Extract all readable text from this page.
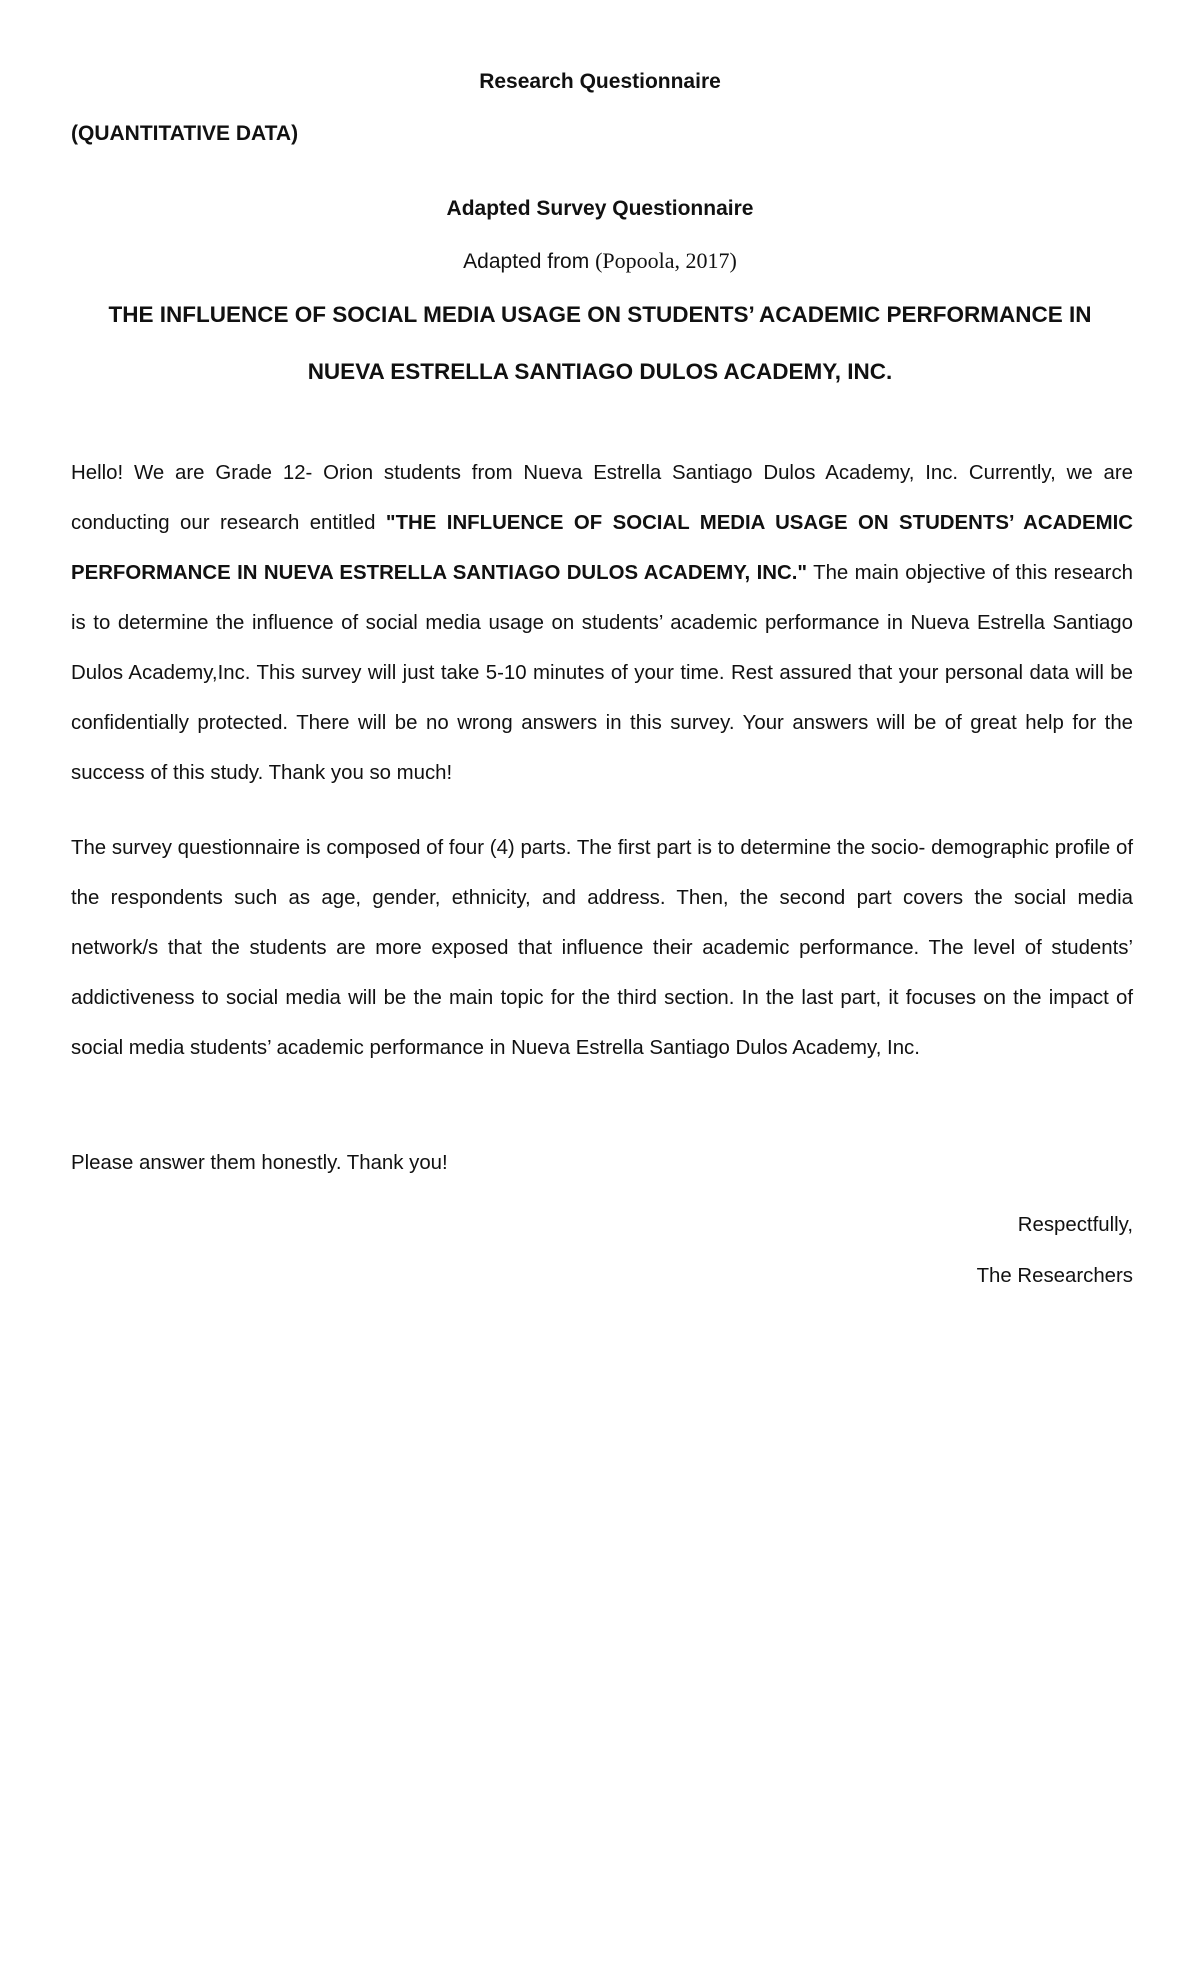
Research Questionnaire

(QUANTITATIVE DATA)

Adapted Survey Questionnaire

Adapted from (Popoola, 2017)

THE INFLUENCE OF SOCIAL MEDIA USAGE ON STUDENTS’ ACADEMIC PERFORMANCE IN

NUEVA ESTRELLA SANTIAGO DULOS ACADEMY, INC.

Hello! We are Grade 12- Orion students from Nueva Estrella Santiago Dulos Academy, Inc. Currently, we are conducting our research entitled "THE INFLUENCE OF SOCIAL MEDIA USAGE ON STUDENTS’ ACADEMIC PERFORMANCE IN NUEVA ESTRELLA SANTIAGO DULOS ACADEMY, INC." The main objective of this research is to determine the influence of social media usage on students’ academic performance in Nueva Estrella Santiago Dulos Academy,Inc. This survey will just take 5-10 minutes of your time. Rest assured that your personal data will be confidentially protected. There will be no wrong answers in this survey. Your answers will be of great help for the success of this study. Thank you so much!

The survey questionnaire is composed of four (4) parts. The first part is to determine the socio- demographic profile of the respondents such as age, gender, ethnicity, and address. Then, the second part covers the social media network/s that the students are more exposed that influence their academic performance. The level of students’ addictiveness to social media will be the main topic for the third section. In the last part, it focuses on the impact of social media students’ academic performance in Nueva Estrella Santiago Dulos Academy, Inc.

Please answer them honestly. Thank you!

Respectfully,

The Researchers
